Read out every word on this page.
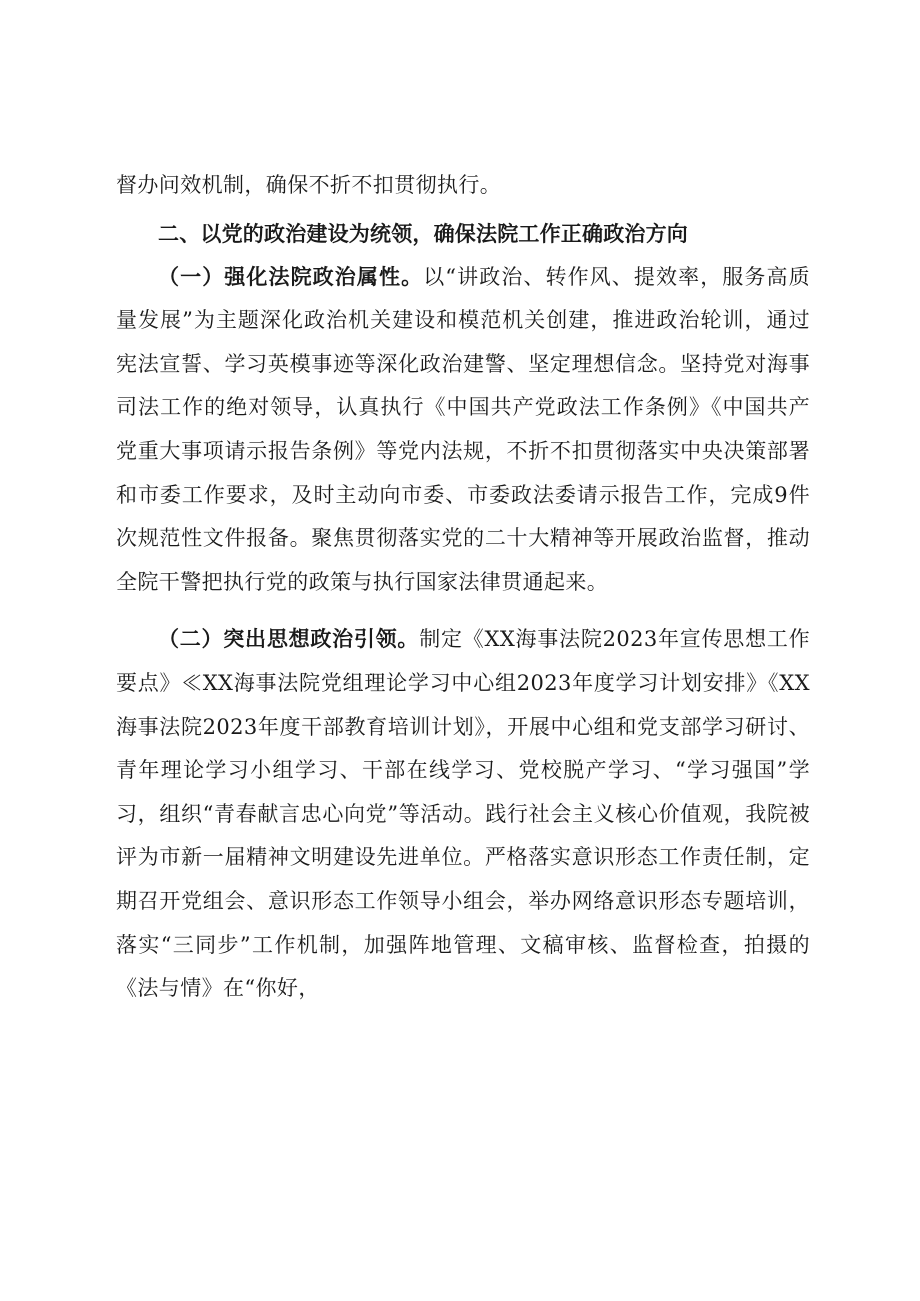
督办问效机制，确保不折不扣贯彻执行。

二、以党的政治建设为统领，确保法院工作正确政治方向

（一）强化法院政治属性。以“讲政治、转作风、提效率，服务高质量发展”为主题深化政治机关建设和模范机关创建，推进政治轮训，通过宪法宣誓、学习英模事迹等深化政治建警、坚定理想信念。坚持党对海事司法工作的绝对领导，认真执行《中国共产党政法工作条例》《中国共产党重大事项请示报告条例》等党内法规，不折不扣贯彻落实中央决策部署和市委工作要求，及时主动向市委、市委政法委请示报告工作，完成9件次规范性文件报备。聚焦贯彻落实党的二十大精神等开展政治监督，推动全院干警把执行党的政策与执行国家法律贯通起来。

（二）突出思想政治引领。制定《XX海事法院2023年宣传思想工作要点》≪XX海事法院党组理论学习中心组2023年度学习计划安排》《XX海事法院2023年度干部教育培训计划》，开展中心组和党支部学习研讨、青年理论学习小组学习、干部在线学习、党校脱产学习、“学习强国”学习，组织“青春献言忠心向党”等活动。践行社会主义核心价值观，我院被评为市新一届精神文明建设先进单位。严格落实意识形态工作责任制，定期召开党组会、意识形态工作领导小组会，举办网络意识形态专题培训，落实“三同步”工作机制，加强阵地管理、文稿审核、监督检查，拍摄的《法与情》在“你好，
